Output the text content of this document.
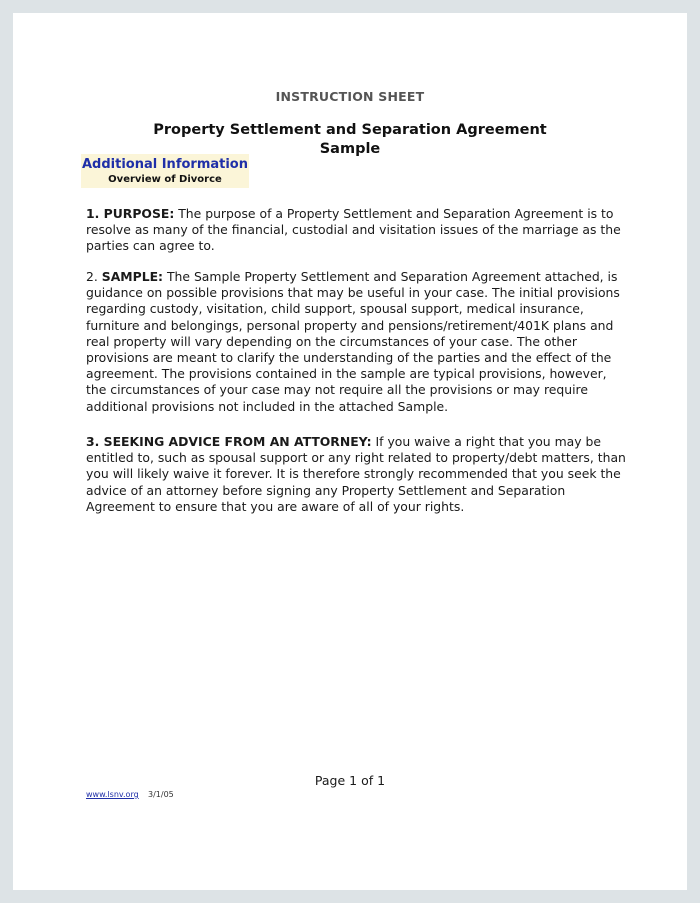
INSTRUCTION SHEET
Property Settlement and Separation Agreement
Sample
Additional Information
Overview of Divorce

1. PURPOSE: The purpose of a Property Settlement and Separation Agreement is to resolve as many of the financial, custodial and visitation issues of the marriage as the parties can agree to.

2. SAMPLE: The Sample Property Settlement and Separation Agreement attached, is guidance on possible provisions that may be useful in your case. The initial provisions regarding custody, visitation, child support, spousal support, medical insurance, furniture and belongings, personal property and pensions/retirement/401K plans and real property will vary depending on the circumstances of your case. The other provisions are meant to clarify the understanding of the parties and the effect of the agreement. The provisions contained in the sample are typical provisions, however, the circumstances of your case may not require all the provisions or may require additional provisions not included in the attached Sample.

3. SEEKING ADVICE FROM AN ATTORNEY: If you waive a right that you may be entitled to, such as spousal support or any right related to property/debt matters, than you will likely waive it forever. It is therefore strongly recommended that you seek the advice of an attorney before signing any Property Settlement and Separation Agreement to ensure that you are aware of all of your rights.

Page 1 of 1
www.lsnv.org 3/1/05
